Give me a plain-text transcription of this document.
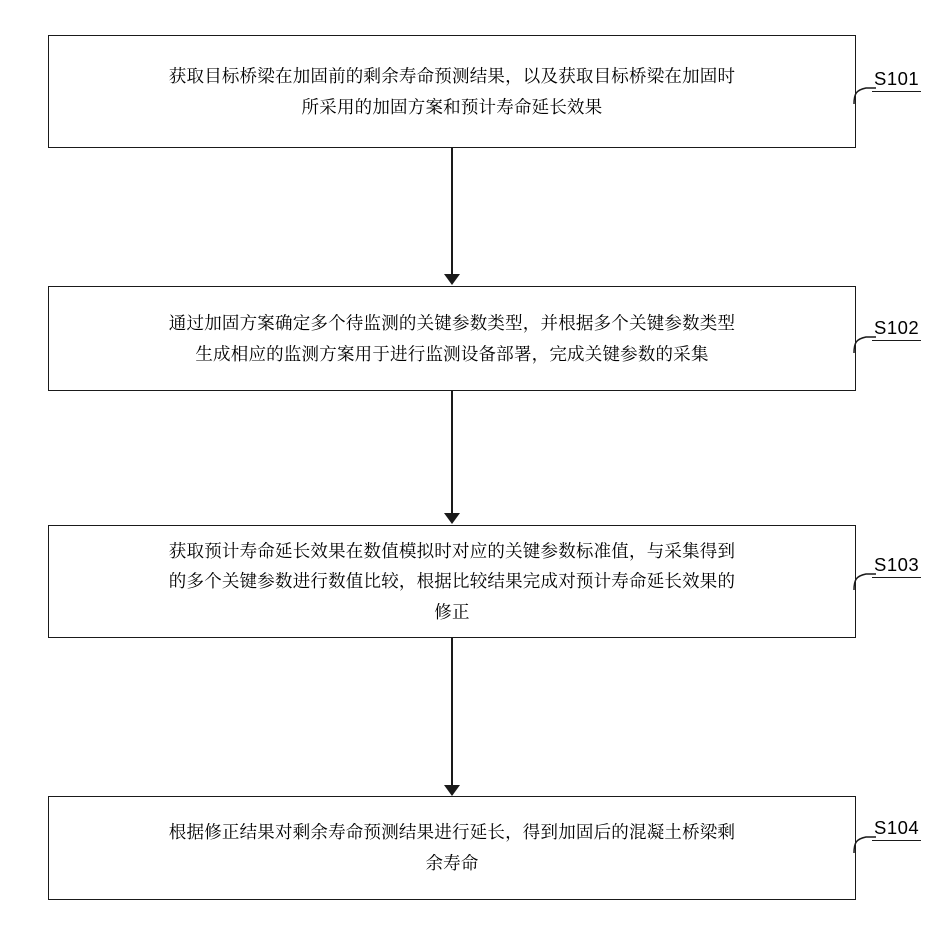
获取目标桥梁在加固前的剩余寿命预测结果，以及获取目标桥梁在加固时
所采用的加固方案和预计寿命延长效果
通过加固方案确定多个待监测的关键参数类型，并根据多个关键参数类型
生成相应的监测方案用于进行监测设备部署，完成关键参数的采集
获取预计寿命延长效果在数值模拟时对应的关键参数标准值，与采集得到
的多个关键参数进行数值比较，根据比较结果完成对预计寿命延长效果的
修正
根据修正结果对剩余寿命预测结果进行延长，得到加固后的混凝土桥梁剩
余寿命
S101
S102
S103
S104
